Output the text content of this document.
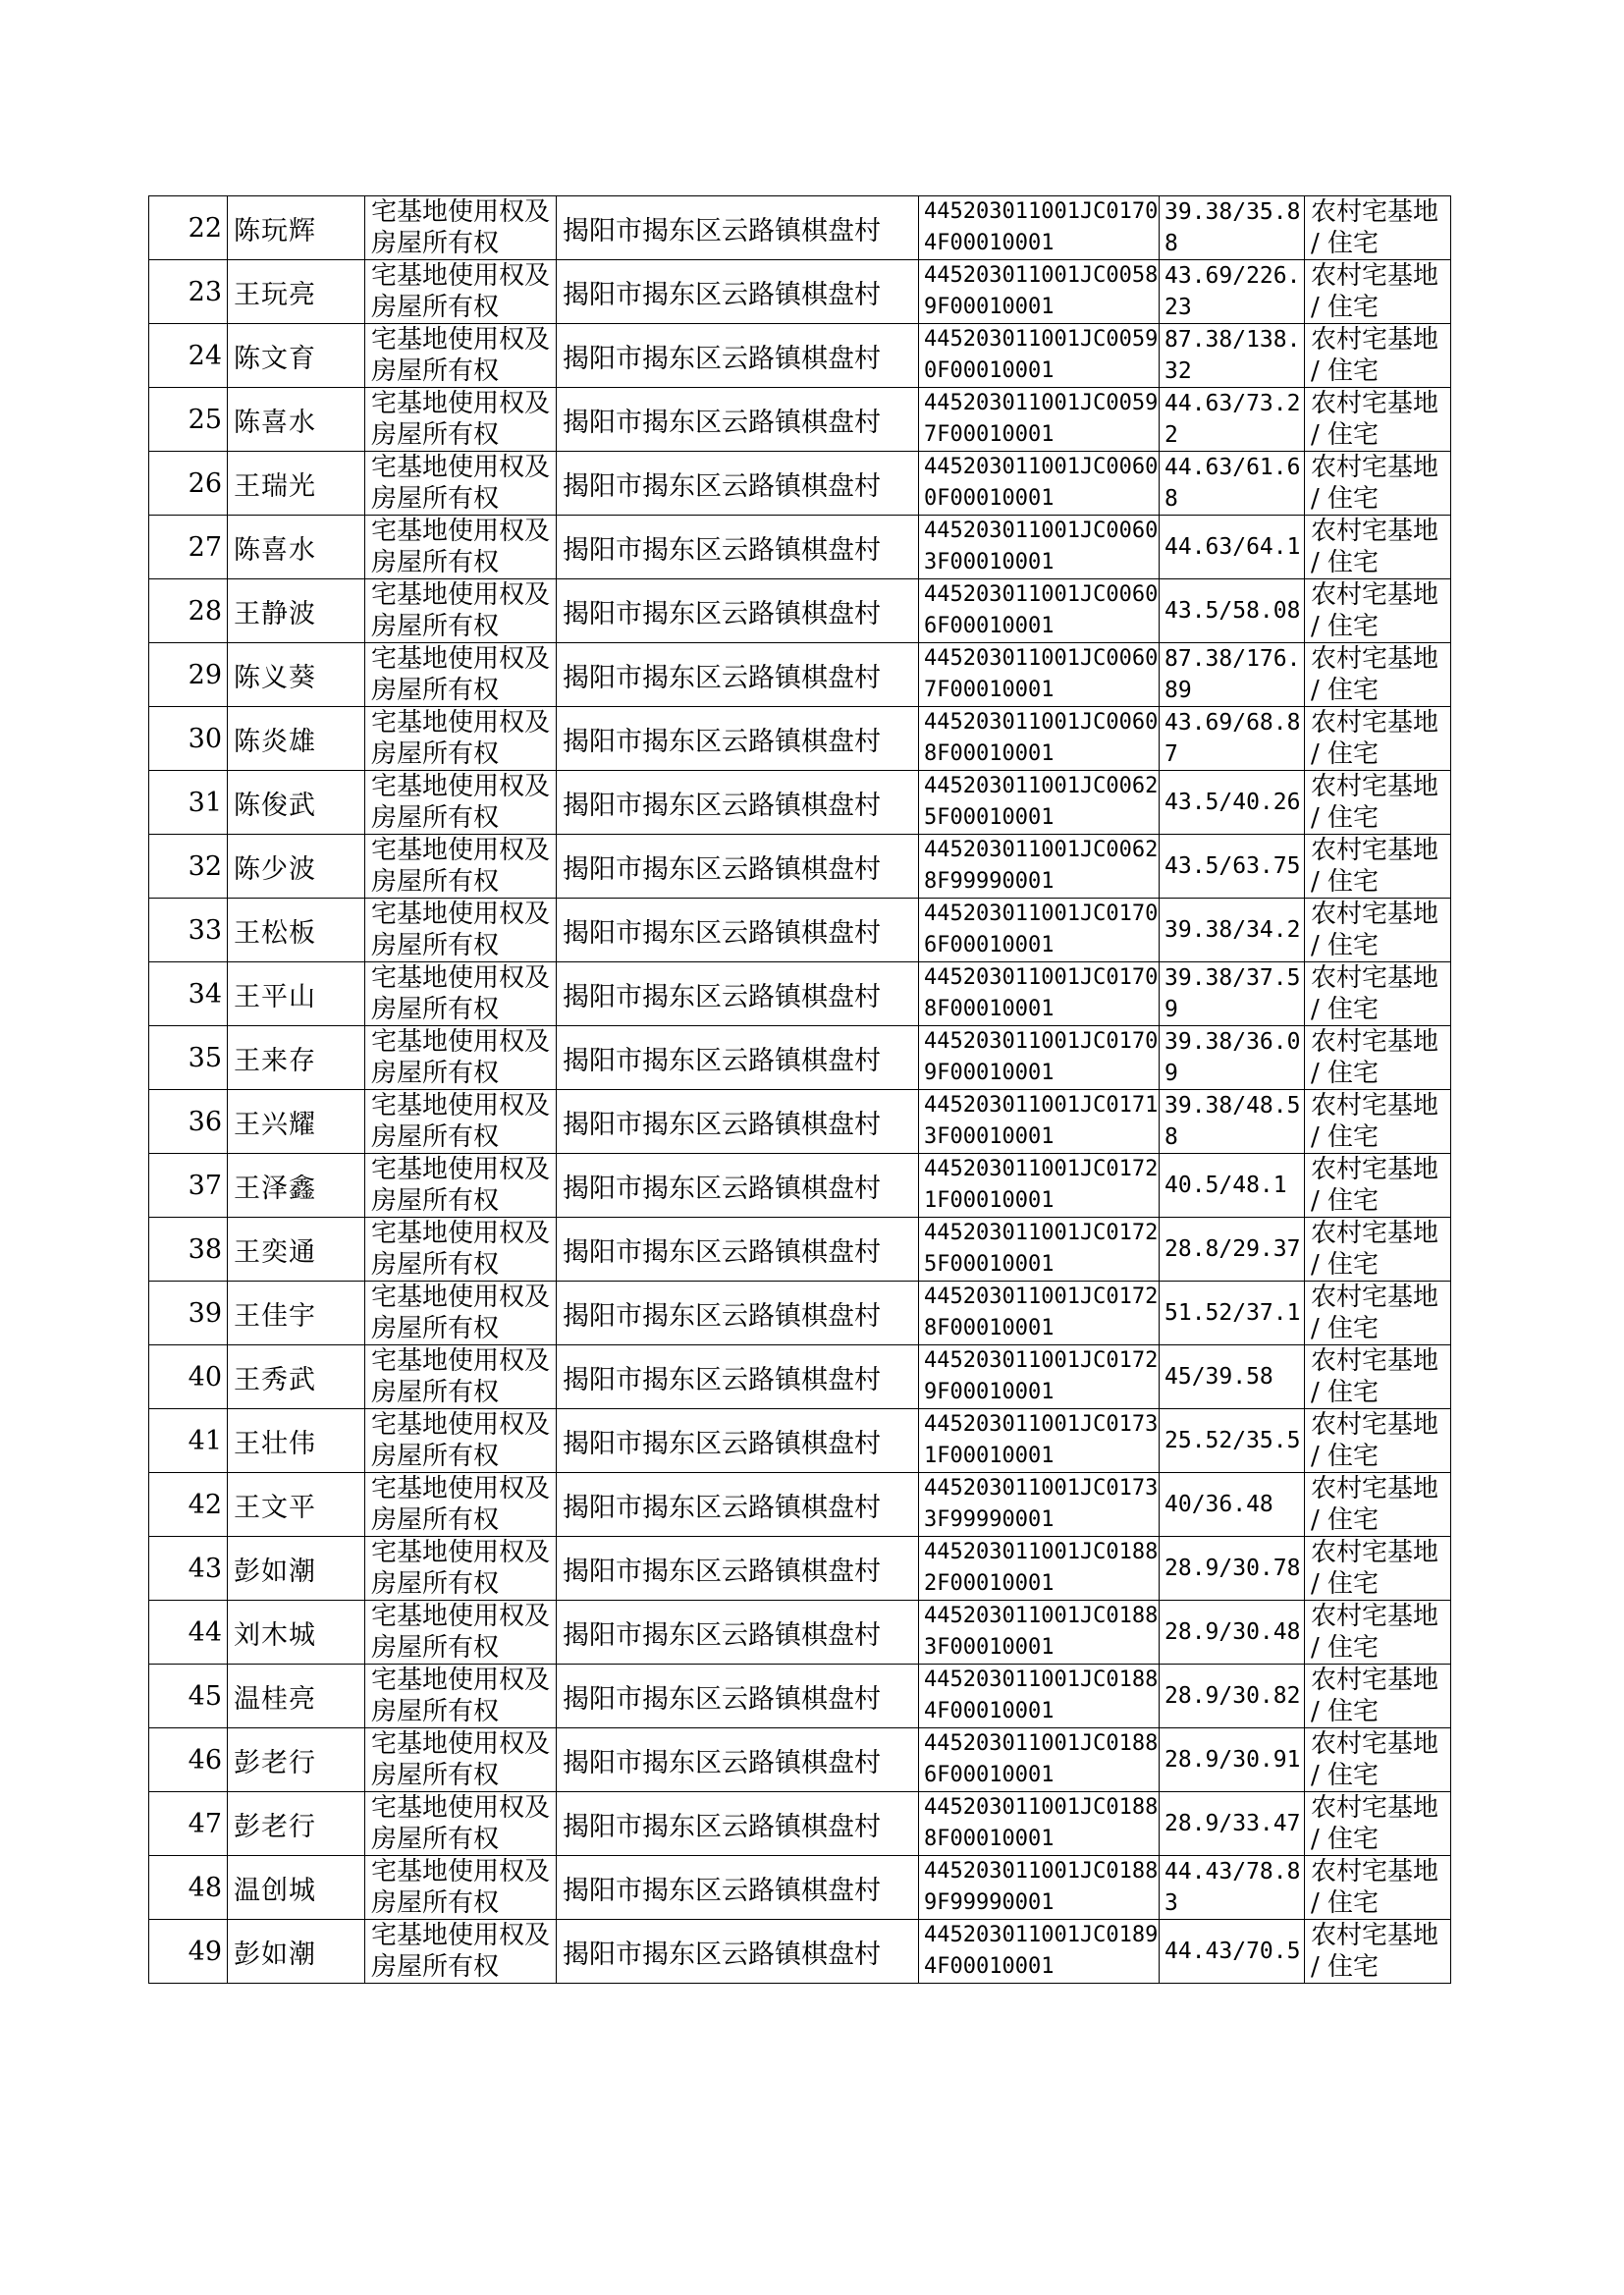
22	陈玩辉	宅基地使用权及房屋所有权	揭阳市揭东区云路镇棋盘村	445203011001JC01704F00010001	39.38/35.88	农村宅基地 / 住宅

23	王玩亮	宅基地使用权及房屋所有权	揭阳市揭东区云路镇棋盘村	445203011001JC00589F00010001	43.69/226.23	农村宅基地 / 住宅

24	陈文育	宅基地使用权及房屋所有权	揭阳市揭东区云路镇棋盘村	445203011001JC00590F00010001	87.38/138.32	农村宅基地 / 住宅

25	陈喜水	宅基地使用权及房屋所有权	揭阳市揭东区云路镇棋盘村	445203011001JC00597F00010001	44.63/73.22	农村宅基地 / 住宅

26	王瑞光	宅基地使用权及房屋所有权	揭阳市揭东区云路镇棋盘村	445203011001JC00600F00010001	44.63/61.68	农村宅基地 / 住宅

27	陈喜水	宅基地使用权及房屋所有权	揭阳市揭东区云路镇棋盘村	445203011001JC00603F00010001	44.63/64.1	农村宅基地 / 住宅

28	王静波	宅基地使用权及房屋所有权	揭阳市揭东区云路镇棋盘村	445203011001JC00606F00010001	43.5/58.08	农村宅基地 / 住宅

29	陈义葵	宅基地使用权及房屋所有权	揭阳市揭东区云路镇棋盘村	445203011001JC00607F00010001	87.38/176.89	农村宅基地 / 住宅

30	陈炎雄	宅基地使用权及房屋所有权	揭阳市揭东区云路镇棋盘村	445203011001JC00608F00010001	43.69/68.87	农村宅基地 / 住宅

31	陈俊武	宅基地使用权及房屋所有权	揭阳市揭东区云路镇棋盘村	445203011001JC00625F00010001	43.5/40.26	农村宅基地 / 住宅

32	陈少波	宅基地使用权及房屋所有权	揭阳市揭东区云路镇棋盘村	445203011001JC00628F99990001	43.5/63.75	农村宅基地 / 住宅

33	王松板	宅基地使用权及房屋所有权	揭阳市揭东区云路镇棋盘村	445203011001JC01706F00010001	39.38/34.2	农村宅基地 / 住宅

34	王平山	宅基地使用权及房屋所有权	揭阳市揭东区云路镇棋盘村	445203011001JC01708F00010001	39.38/37.59	农村宅基地 / 住宅

35	王来存	宅基地使用权及房屋所有权	揭阳市揭东区云路镇棋盘村	445203011001JC01709F00010001	39.38/36.09	农村宅基地 / 住宅

36	王兴耀	宅基地使用权及房屋所有权	揭阳市揭东区云路镇棋盘村	445203011001JC01713F00010001	39.38/48.58	农村宅基地 / 住宅

37	王泽鑫	宅基地使用权及房屋所有权	揭阳市揭东区云路镇棋盘村	445203011001JC01721F00010001	40.5/48.1	农村宅基地 / 住宅

38	王奕通	宅基地使用权及房屋所有权	揭阳市揭东区云路镇棋盘村	445203011001JC01725F00010001	28.8/29.37	农村宅基地 / 住宅

39	王佳宇	宅基地使用权及房屋所有权	揭阳市揭东区云路镇棋盘村	445203011001JC01728F00010001	51.52/37.1	农村宅基地 / 住宅

40	王秀武	宅基地使用权及房屋所有权	揭阳市揭东区云路镇棋盘村	445203011001JC01729F00010001	45/39.58	农村宅基地 / 住宅

41	王壮伟	宅基地使用权及房屋所有权	揭阳市揭东区云路镇棋盘村	445203011001JC01731F00010001	25.52/35.5	农村宅基地 / 住宅

42	王文平	宅基地使用权及房屋所有权	揭阳市揭东区云路镇棋盘村	445203011001JC01733F99990001	40/36.48	农村宅基地 / 住宅

43	彭如潮	宅基地使用权及房屋所有权	揭阳市揭东区云路镇棋盘村	445203011001JC01882F00010001	28.9/30.78	农村宅基地 / 住宅

44	刘木城	宅基地使用权及房屋所有权	揭阳市揭东区云路镇棋盘村	445203011001JC01883F00010001	28.9/30.48	农村宅基地 / 住宅

45	温桂亮	宅基地使用权及房屋所有权	揭阳市揭东区云路镇棋盘村	445203011001JC01884F00010001	28.9/30.82	农村宅基地 / 住宅

46	彭老行	宅基地使用权及房屋所有权	揭阳市揭东区云路镇棋盘村	445203011001JC01886F00010001	28.9/30.91	农村宅基地 / 住宅

47	彭老行	宅基地使用权及房屋所有权	揭阳市揭东区云路镇棋盘村	445203011001JC01888F00010001	28.9/33.47	农村宅基地 / 住宅

48	温创城	宅基地使用权及房屋所有权	揭阳市揭东区云路镇棋盘村	445203011001JC01889F99990001	44.43/78.83	农村宅基地 / 住宅

49	彭如潮	宅基地使用权及房屋所有权	揭阳市揭东区云路镇棋盘村	445203011001JC01894F00010001	44.43/70.5	农村宅基地 / 住宅
